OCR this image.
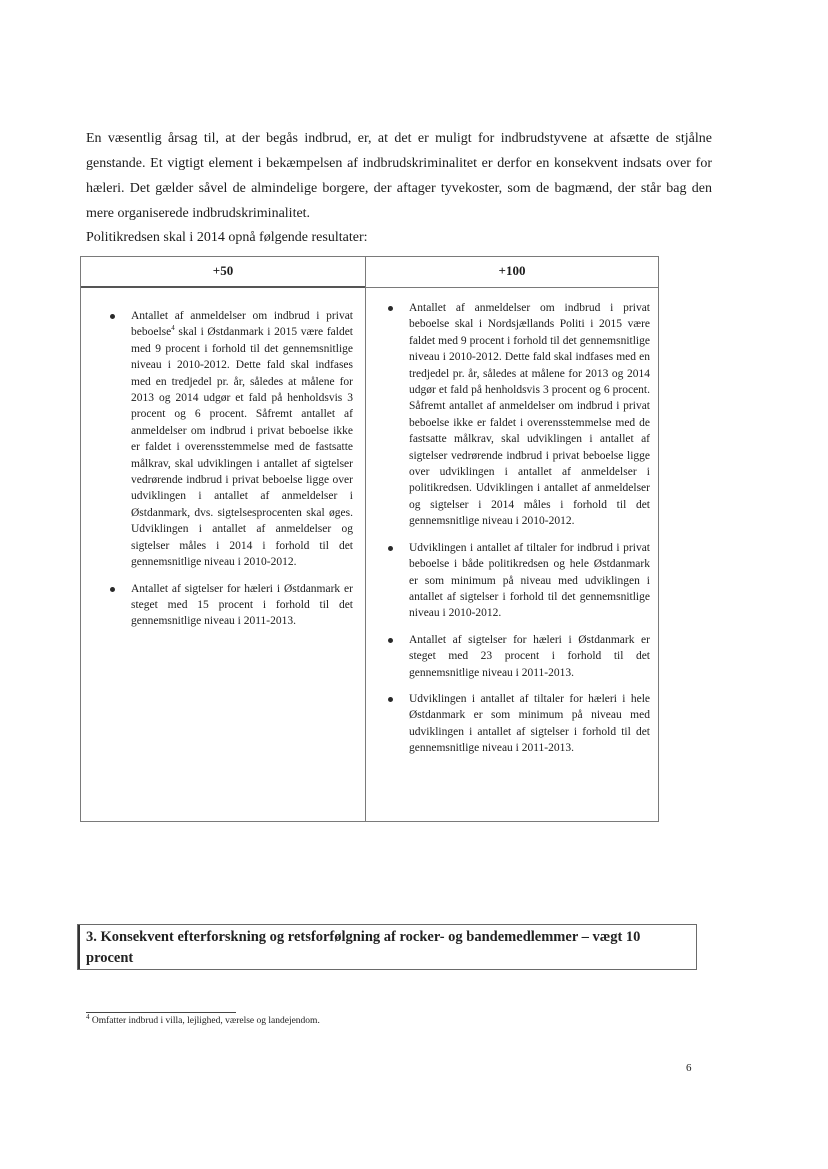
En væsentlig årsag til, at der begås indbrud, er, at det er muligt for indbrudstyvene at afsætte de stjålne genstande. Et vigtigt element i bekæmpelsen af indbrudskriminalitet er derfor en konsekvent indsats over for hæleri. Det gælder såvel de almindelige borgere, der aftager tyvekoster, som de bagmænd, der står bag den mere organiserede indbrudskriminalitet.

Politikredsen skal i 2014 opnå følgende resultater:

+50
Antallet af anmeldelser om indbrud i privat beboelse$^4$ skal i Østdanmark i 2015 være faldet med 9 procent i forhold til det gennemsnitlige niveau i 2010-2012. Dette fald skal indfases med en tredjedel pr. år, således at målene for 2013 og 2014 udgør et fald på henholdsvis 3 procent og 6 procent. Såfremt antallet af anmeldelser om indbrud i privat beboelse ikke er faldet i overensstemmelse med de fastsatte målkrav, skal udviklingen i antallet af sigtelser vedrørende indbrud i privat beboelse ligge over udviklingen i antallet af anmeldelser i Østdanmark, dvs. sigtelsesprocenten skal øges. Udviklingen i antallet af anmeldelser og sigtelser måles i 2014 i forhold til det gennemsnitlige niveau i 2010-2012.
Antallet af sigtelser for hæleri i Østdanmark er steget med 15 procent i forhold til det gennemsnitlige niveau i 2011-2013.
+100
Antallet af anmeldelser om indbrud i privat beboelse skal i Nordsjællands Politi i 2015 være faldet med 9 procent i forhold til det gennemsnitlige niveau i 2010-2012. Dette fald skal indfases med en tredjedel pr. år, således at målene for 2013 og 2014 udgør et fald på henholdsvis 3 procent og 6 procent. Såfremt antallet af anmeldelser om indbrud i privat beboelse ikke er faldet i overensstemmelse med de fastsatte målkrav, skal udviklingen i antallet af sigtelser vedrørende indbrud i privat beboelse ligge over udviklingen i antallet af anmeldelser i politikredsen. Udviklingen i antallet af anmeldelser og sigtelser i 2014 måles i forhold til det gennemsnitlige niveau i 2010-2012.
Udviklingen i antallet af tiltaler for indbrud i privat beboelse i både politikredsen og hele Østdanmark er som minimum på niveau med udviklingen i antallet af sigtelser i forhold til det gennemsnitlige niveau i 2010-2012.
Antallet af sigtelser for hæleri i Østdanmark er steget med 23 procent i forhold til det gennemsnitlige niveau i 2011-2013.
Udviklingen i antallet af tiltaler for hæleri i hele Østdanmark er som minimum på niveau med udviklingen i antallet af sigtelser i forhold til det gennemsnitlige niveau i 2011-2013.
3. Konsekvent efterforskning og retsforfølgning af rocker- og bandemedlemmer – vægt 10 procent

$^4$ Omfatter indbrud i villa, lejlighed, værelse og landejendom.

6
